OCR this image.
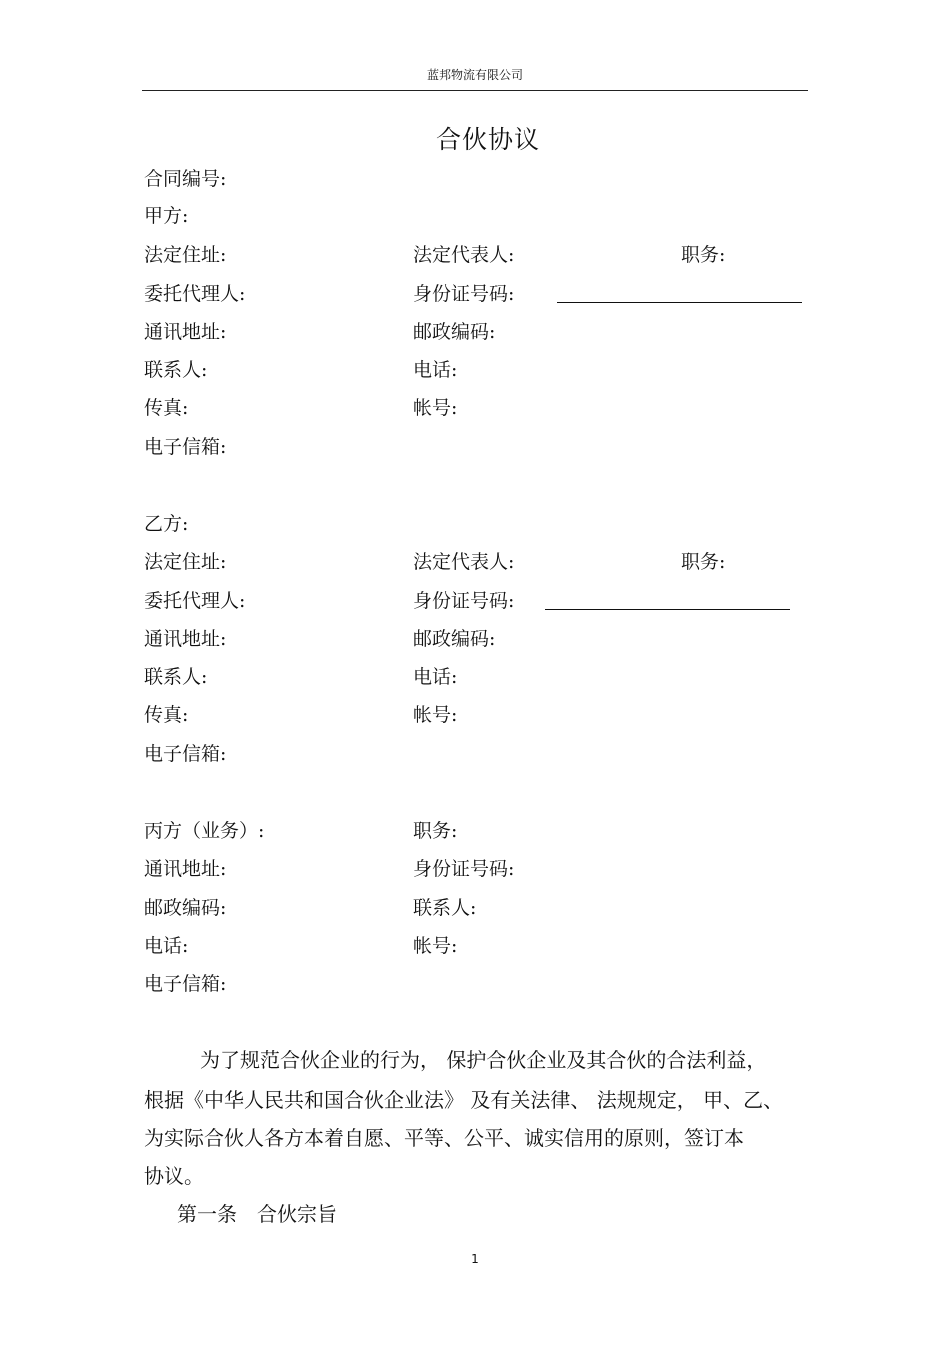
蓝邦物流有限公司
合伙协议
合同编号:
甲方:
法定住址:	法定代表人:	职务:
委托代理人:	身份证号码:
通讯地址:	邮政编码:
联系人:	电话:
传真:	帐号:
电子信箱:
乙方:
法定住址:	法定代表人:	职务:
委托代理人:	身份证号码:
通讯地址:	邮政编码:
联系人:	电话:
传真:	帐号:
电子信箱:
丙方（业务）:	职务:
通讯地址:	身份证号码:
邮政编码:	联系人:
电话:	帐号:
电子信箱:
为了规范合伙企业的行为， 保护合伙企业及其合伙的合法利益，
根据《中华人民共和国合伙企业法》 及有关法律、 法规规定， 甲、乙、
为实际合伙人各方本着自愿、平等、公平、诚实信用的原则，签订本
协议。
第一条 合伙宗旨
1
